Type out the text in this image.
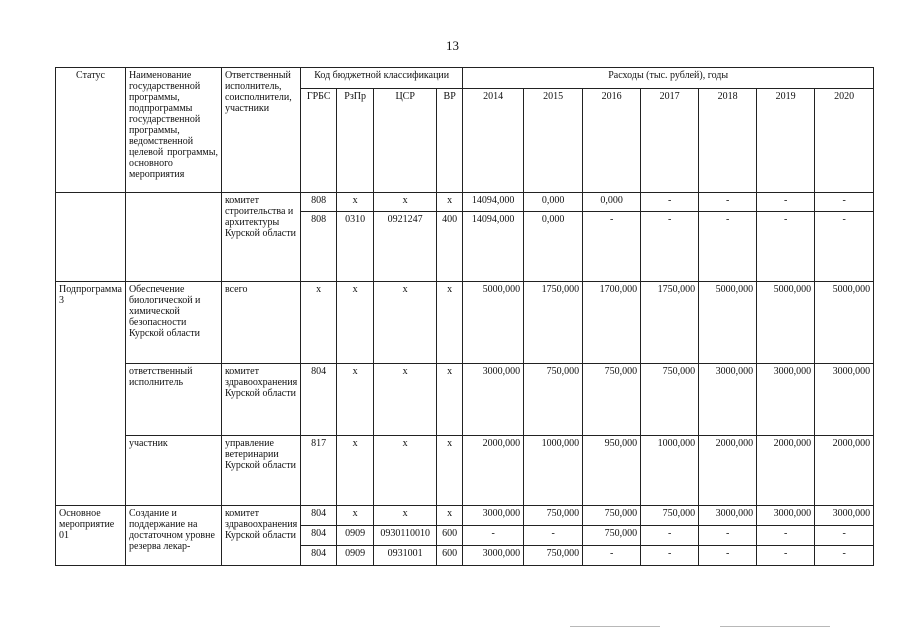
13
Статус	Наименование государственной программы, подпрограммы государственной программы, ведомственной целевой программы, основного мероприятия	Ответственный исполнитель, соисполнители, участники	Код бюджетной классификации				Расходы (тыс. рублей), годы						
			ГРБС	РзПр	ЦСР	ВР	2014	2015	2016	2017	2018	2019	2020
		комитет строительства и архитектуры Курской области	808	х	х	х	14094,000	0,000	0,000	-	-	-	-
			808	0310	0921247	400	14094,000	0,000	-	-	-	-	-
Подпрограмма 3	Обеспечение биологической и химической безопасности Курской области	всего	х	х	х	х	5000,000	1750,000	1700,000	1750,000	5000,000	5000,000	5000,000
	ответственный исполнитель	комитет здравоохранения Курской области	804	х	х	х	3000,000	750,000	750,000	750,000	3000,000	3000,000	3000,000
	участник	управление ветеринарии Курской области	817	х	х	х	2000,000	1000,000	950,000	1000,000	2000,000	2000,000	2000,000
Основное мероприятие 01	Создание и поддержание на достаточном уровне резерва лекар-	комитет здравоохранения Курской области	804	х	х	х	3000,000	750,000	750,000	750,000	3000,000	3000,000	3000,000
			804	0909	0930110010	600	-	-	750,000	-	-	-	-
			804	0909	0931001	600	3000,000	750,000	-	-	-	-	-
